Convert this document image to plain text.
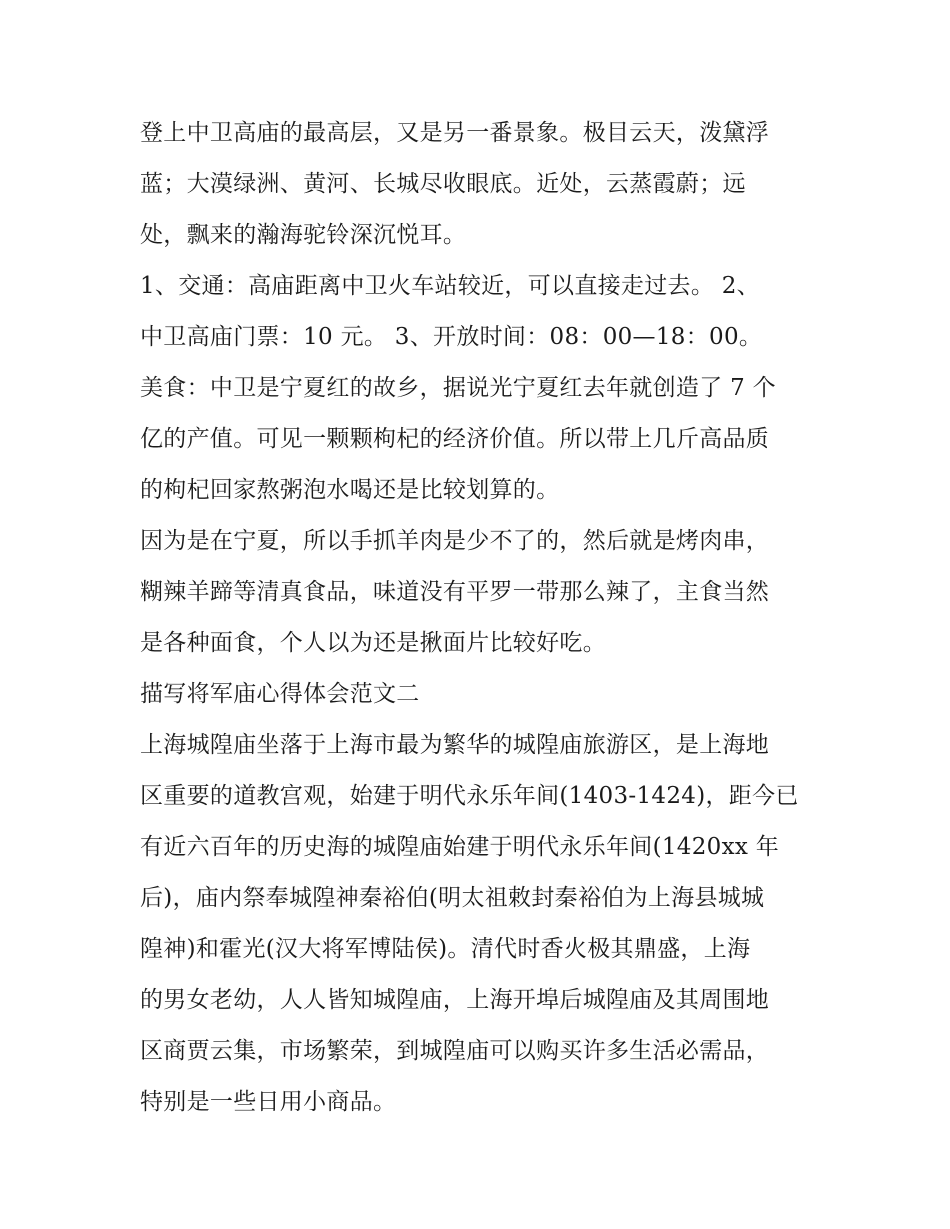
登上中卫高庙的最高层，又是另一番景象。极目云天，泼黛浮
蓝；大漠绿洲、黄河、长城尽收眼底。近处，云蒸霞蔚；远
处，飘来的瀚海驼铃深沉悦耳。
1、交通：高庙距离中卫火车站较近，可以直接走过去。 2、
中卫高庙门票：10 元。 3、开放时间：08：00—18：00。
美食：中卫是宁夏红的故乡，据说光宁夏红去年就创造了 7 个
亿的产值。可见一颗颗枸杞的经济价值。所以带上几斤高品质
的枸杞回家熬粥泡水喝还是比较划算的。
因为是在宁夏，所以手抓羊肉是少不了的，然后就是烤肉串，
糊辣羊蹄等清真食品，味道没有平罗一带那么辣了，主食当然
是各种面食，个人以为还是揪面片比较好吃。
描写将军庙心得体会范文二
上海城隍庙坐落于上海市最为繁华的城隍庙旅游区，是上海地
区重要的道教宫观，始建于明代永乐年间(1403-1424)，距今已
有近六百年的历史海的城隍庙始建于明代永乐年间(1420xx 年
后)，庙内祭奉城隍神秦裕伯(明太祖敕封秦裕伯为上海县城城
隍神)和霍光(汉大将军博陆侯)。清代时香火极其鼎盛，上海
的男女老幼，人人皆知城隍庙，上海开埠后城隍庙及其周围地
区商贾云集，市场繁荣，到城隍庙可以购买许多生活必需品，
特别是一些日用小商品。
